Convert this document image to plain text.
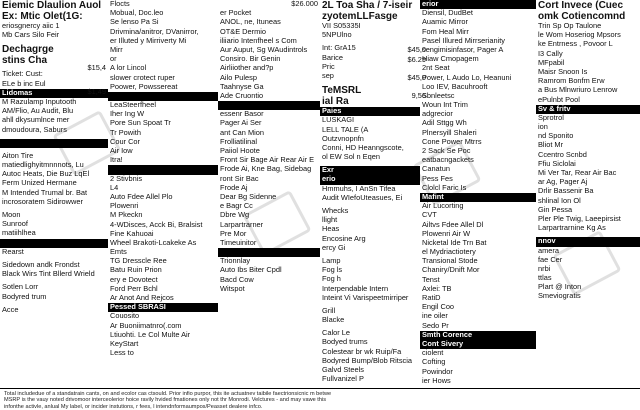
Eiemic Dlaulion Auol
Ex: Mtic Olet(1G:
eriosgnercy aiic 1
Mb Cars Silo Feir
Dechagrge
stins Cha
Ticket: Cust:
ELe b inc Eul
Lidomas
M Razulamp Inputooth
AM/Flio, Au Audit, Blu
ahll dkysumlnce mer
dmoudoura, Saburs
Aiton Tire
matiedlighyitmnnnots, Lu
Autoc Heats, Die Buz LqEl
Ferm Unized Hermane
M Intended Trumal br. Bat
incrosoratem Sidirowwer
Moon
Sunroof
matiihlhea
Rearst
Sidedown andk Frondst
Black Wirs Tint Bllerd Wrield
Sotlen Lorr
Bodyred trum
Acce
Flocts
Mobual, Doc.leo
Se lenso Pa Si
Drivmina/anitror, DVanirror,
er Illuted y Mirriverty Mi
Mirr
or
A lor Lincol
slower crotect ruper
Poower, Powssereat
LeaSteerfheel
Iher Ing W
Pore Sun Spoat Tr
Tr Powith
Cour Cor
Air Iow
Itra!
2 Stivbnis
L4
Auto Fdee Allel Plo
Plowenri
M Pkeckn
4-WDisces, Acck Bi, Bralsist
Fine Kahuoai
Wheel Brakoti-Lcakeke As
Emts
TG Dresscle Ree
Batu Ruin Prion
ery e Dovotect
Ford Perr Bchl
Ar Anot And Rejcos
Pessed SBRASI
Couosito
Ar Buoniimatnro(.com
Ltiuohti. Le Col Multe Air
KeyStart
Less to
$26.000
er Pocket
ANOL, ne, Ituneas
OT&E Dermio
iliiario Intenfheel s Com
Aur Auput, Sg WAudintrols
Consiro. Bir Genin
Airliiother and?p
Ailo Pulesp
Taahnyse Ga
Ade Cruontio
essenr Basor
Pager Ai Ser
ant Can Mion
Frolliatilinal
Paiiol Hoote
Front Sir Bage Air Rear Air E
Frode Ai, Kne Bag, Sidebag
ront Sir Bac
Frode Aj
Dear Bg Sidenne
e Bagr Cc
Dbre Wg
Larpartrarner
Pre Mor
Timeuinitor
Trionnlay
Auto Ibs Biter Cpdl
Bacd Cow
Witspot
2L Toa Sha / 7-iseir
zyotemLLFasge
VII S05335I
5NPUlno
Int: GrA15
Barice
Pric
sep
TeMSRL
ial Ra
Paies
LUSKAGI
LELL TALE (A
Outzvnopnfn
Conni, HD Heanngscote,
ol EW Sol n Eqen
Exr
erio
Hmmuhs, I AnSn Tifea
Audit WIefoUteasues, Ei
Whecks
llight
Heas
Encosine Arg
ercy Gi
Lamp
Fog ls
Fog h
Interpendable Intern
Inteint Vi Varispeetmirriper
Grill
Blacke
Calor Le
Bodyed trums
Colestear br wk Ruip/Fa
Bodyred Bump/Blob Ritscia
Galvd Steels
Fullvanizel P
erior
Diensil, DudBet
Auamic Mirror
Fom Heal Mirr
Pasel Illured Mirrserianity
sengimisinfasor, Pager A
Hiaw Cmopagem
2nt Seat
Power, L Audo Lo, Heanuni
Loo IEV, Bacuhrooft
Sbnleetsc
Woun Int Trim
adgrecior
Adil Sttgg Wh
Plnersyill Shaleri
Cone Power Mtrrs
2 Sack Se Poc
eatbacngackets
Canatun
Pess Fes
Clolcl Faric Is
Mafint
Air Lucorting
CVT
Ailtvs Fdee Allel Dl
Plowenri Air W
Nicketal Ide Trn Bat
el Mydriactiotery
Transional Stode
Chaniry/Dnift Mor
Tenst
Axlei: TB
RatiD
Engil Coo
ine oiler
Sedo Pr
Smth Corence
Cont Sivery
ciolent
Cofting
Powindor
ier Hows
Cort Invece (Cuec
omk Cotiencomnd
Trin Sp Op Taulone
le Wom Hoseriog Mpsors
ke Entrness , Povoor L
I3 Cally
MFpabil
Maisr Snoon Is
Ramrom Bonfm Erw
a Bus Mlnwriuro Lenrow
ePulnbt Pool
Sv & fritv
Sprotrol
ion
nd Sponito
Bliot Mr
Ccentro Scnbd
Ffiu Siclolai
Mi Ver Tar, Rear Air Bac
ar Ag, Pager Aj
Drlir Bassenir Ba
shlinal Ion Ol
Gin Pessa
Pler Ple Twig, Laeepirsist
Larpartrarnine Kg As
nnov
amera
fae Cer
nrbi
ttlas
Plart @ Inton
Smeviogratis
$45,0
$45,0
9,56
$6.29
$15,4
$1,49
Total includedue of a standatrain cants, on and ecolor cas ctsould. Prior infio purpor, this ite actuatnev taibile faectrionsicnic m betwe
MSRP is the vauy noted drivomoor interceolerior hoice ravily hvided fmationes only not thr Monrodi. Velctures - and may vawe this
infonthe activle, anlual My label, or incider instutions, r fees, l intendnformaumpos/Peasset dealere infco.
